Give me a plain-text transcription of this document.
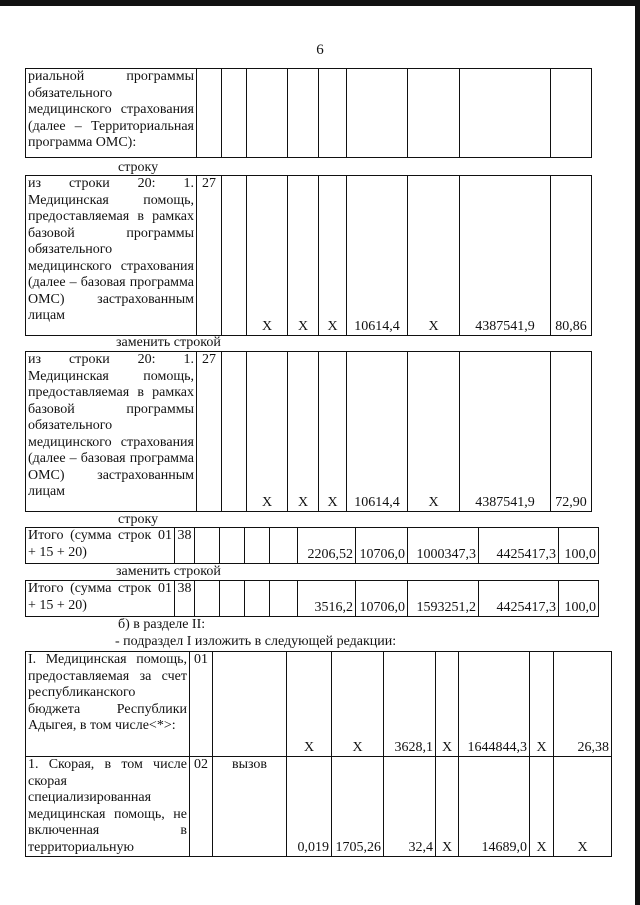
6
риальной программы обязательного медицинского страхования (далее – Территориальная программа ОМС):									
строку
из строки 20: 1. Медицинская помощь, предоставляемая в рамках базовой программы обязательного медицинского страхования (далее – базовая программа ОМС) застрахованным лицам	27		X	X	X	10614,4	X	4387541,9	80,86
заменить строкой
из строки 20: 1. Медицинская помощь, предоставляемая в рамках базовой программы обязательного медицинского страхования (далее – базовая программа ОМС) застрахованным лицам	27		X	X	X	10614,4	X	4387541,9	72,90
строку
Итого (сумма строк 01 + 15 + 20)	38					2206,52	10706,0	1000347,3	4425417,3	100,0
заменить строкой
Итого (сумма строк 01 + 15 + 20)	38					3516,2	10706,0	1593251,2	4425417,3	100,0
б) в разделе II:
- подраздел I изложить в следующей редакции:
I. Медицинская помощь, предоставляемая за счет республиканского бюджета Республики Адыгея, в том числе<*>:	01		X	X	3628,1	X	1644844,3	X	26,38
1. Скорая, в том числе скорая специализированная медицинская помощь, не включенная в территориальную	02	вызов	0,019	1705,26	32,4	X	14689,0	X	X
